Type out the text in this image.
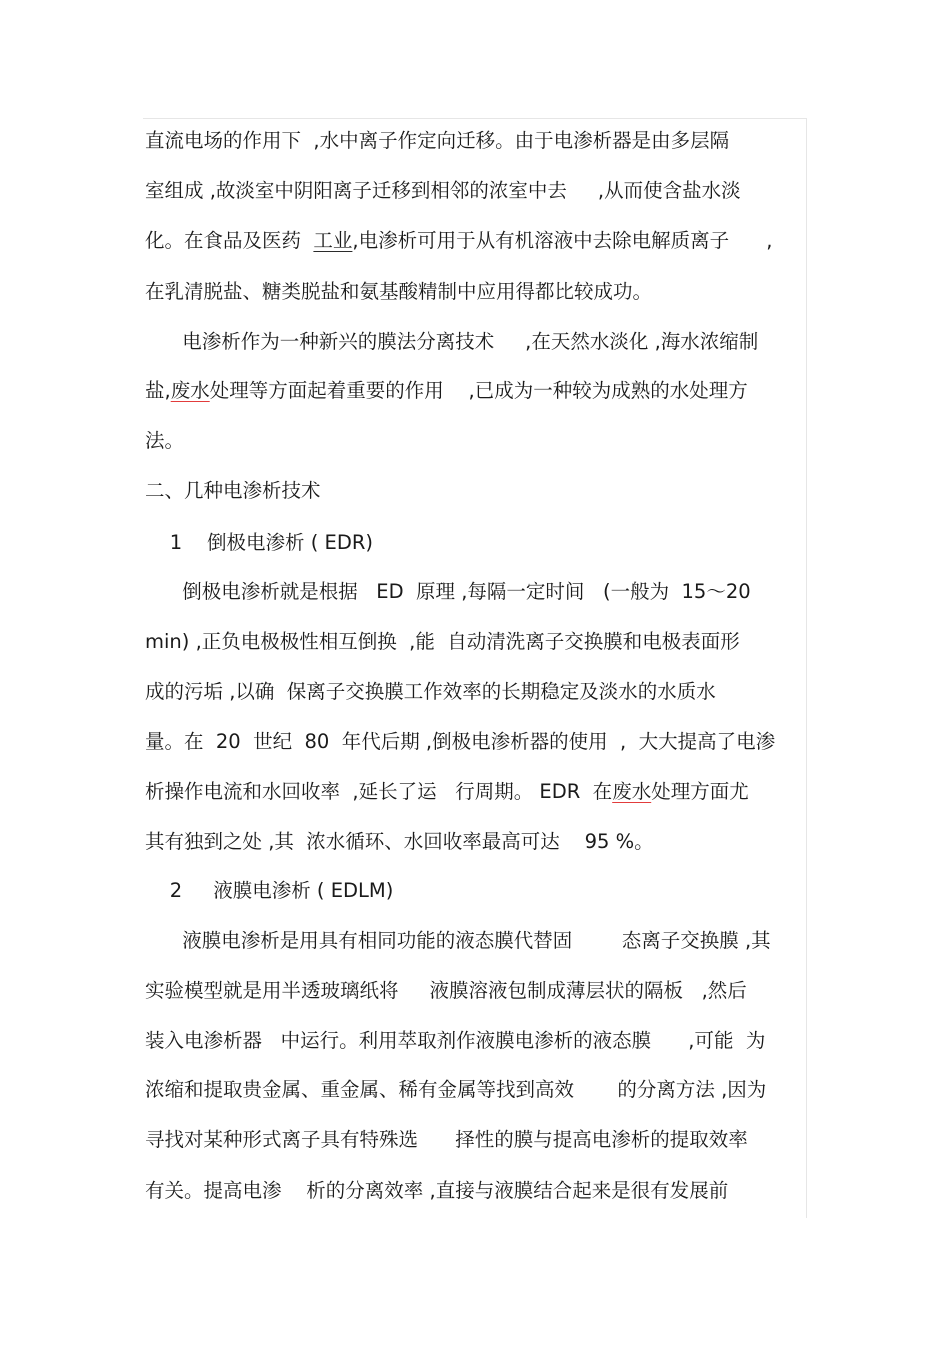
直流电场的作用下  ,水中离子作定向迁移。由于电渗析器是由多层隔
室组成 ,故淡室中阴阳离子迁移到相邻的浓室中去     ,从而使含盐水淡
化。在食品及医药  工业,电渗析可用于从有机溶液中去除电解质离子      ,
在乳清脱盐、糖类脱盐和氨基酸精制中应用得都比较成功。
电渗析作为一种新兴的膜法分离技术     ,在天然水淡化 ,海水浓缩制
盐,废水处理等方面起着重要的作用    ,已成为一种较为成熟的水处理方
法。
二、几种电渗析技术
1    倒极电渗析 ( EDR)
倒极电渗析就是根据   ED  原理 ,每隔一定时间   (一般为  15～20
min) ,正负电极极性相互倒换  ,能  自动清洗离子交换膜和电极表面形
成的污垢 ,以确  保离子交换膜工作效率的长期稳定及淡水的水质水
量。在  20  世纪  80  年代后期 ,倒极电渗析器的使用  ,  大大提高了电渗
析操作电流和水回收率  ,延长了运   行周期。 EDR  在废水处理方面尤
其有独到之处 ,其  浓水循环、水回收率最高可达    95 %。
2     液膜电渗析 ( EDLM)
液膜电渗析是用具有相同功能的液态膜代替固        态离子交换膜 ,其
实验模型就是用半透玻璃纸将     液膜溶液包制成薄层状的隔板   ,然后
装入电渗析器   中运行。利用萃取剂作液膜电渗析的液态膜      ,可能  为
浓缩和提取贵金属、重金属、稀有金属等找到高效       的分离方法 ,因为
寻找对某种形式离子具有特殊选      择性的膜与提高电渗析的提取效率
有关。提高电渗    析的分离效率 ,直接与液膜结合起来是很有发展前
